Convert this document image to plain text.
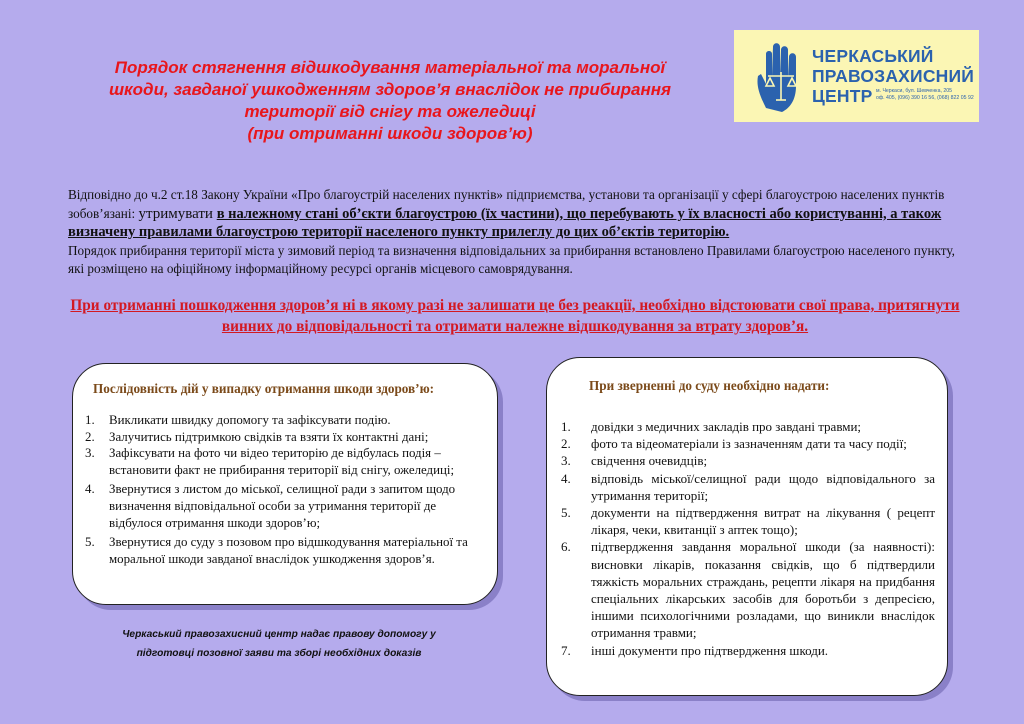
Порядок стягнення відшкодування матеріальної та моральної
шкоди, завданої ушкодженням здоров’я внаслідок не прибирання
території від снігу та ожеледиці
(при отриманні шкоди здоров’ю)
ЧЕРКАСЬКИЙ
ПРАВОЗАХИСНИЙ
ЦЕНТР м. Черкаси, бул. Шевченка, 205
оф. 405, (096) 390 16 56, (068) 822 05 92

Відповідно до ч.2 ст.18 Закону України «Про благоустрій населених пунктів» підприємства, установи та організації у сфері благоустрою населених пунктів зобов’язані: утримувати в належному стані об’єкти благоустрою (їх частини), що перебувають у їх власності або користуванні, а також визначену правилами благоустрою території населеного пункту прилеглу до цих об’єктів територію.

Порядок прибирання території міста у зимовий період та визначення відповідальних за прибирання встановлено Правилами благоустрою населеного пункту, які розміщено на офіційному інформаційному ресурсі органів місцевого самоврядування.

При отриманні пошкодження здоров’я ні в якому разі не залишати це без реакції, необхідно відстоювати свої права, притягнути винних до відповідальності та отримати належне відшкодування за втрату здоров’я.
Послідовність дій у випадку отримання шкоди здоров’ю:
1. Викликати швидку допомогу та зафіксувати подію.
2. Залучитись підтримкою свідків та взяти їх контактні дані;
3. Зафіксувати на фото чи відео територію де відбулась подія – встановити факт не прибирання території від снігу, ожеледиці;
4. Звернутися з листом до міської, селищної ради з запитом щодо визначення відповідальної особи за утримання території де відбулося отримання шкоди здоров’ю;
5. Звернутися до суду з позовом про відшкодування матеріальної та моральної шкоди завданої внаслідок ушкодження здоров’я.
При зверненні до суду необхідно надати:
1. довідки з медичних закладів про завдані травми;
2. фото та відеоматеріали із зазначенням дати та часу події;
3. свідчення очевидців;
4. відповідь міської/селищної ради щодо відповідального за утримання території;
5. документи на підтвердження витрат на лікування ( рецепт лікаря, чеки, квитанції з аптек тощо);
6. підтвердження завдання моральної шкоди (за наявності): висновки лікарів, показання свідків, що б підтвердили тяжкість моральних страждань, рецепти лікаря на придбання спеціальних лікарських засобів для боротьби з депресією, іншими психологічними розладами, що виникли внаслідок отримання травми;
7. інші документи про підтвердження шкоди.
Черкаський правозахисний центр надає правову допомогу у
підготовці позовної заяви та зборі необхідних доказів
